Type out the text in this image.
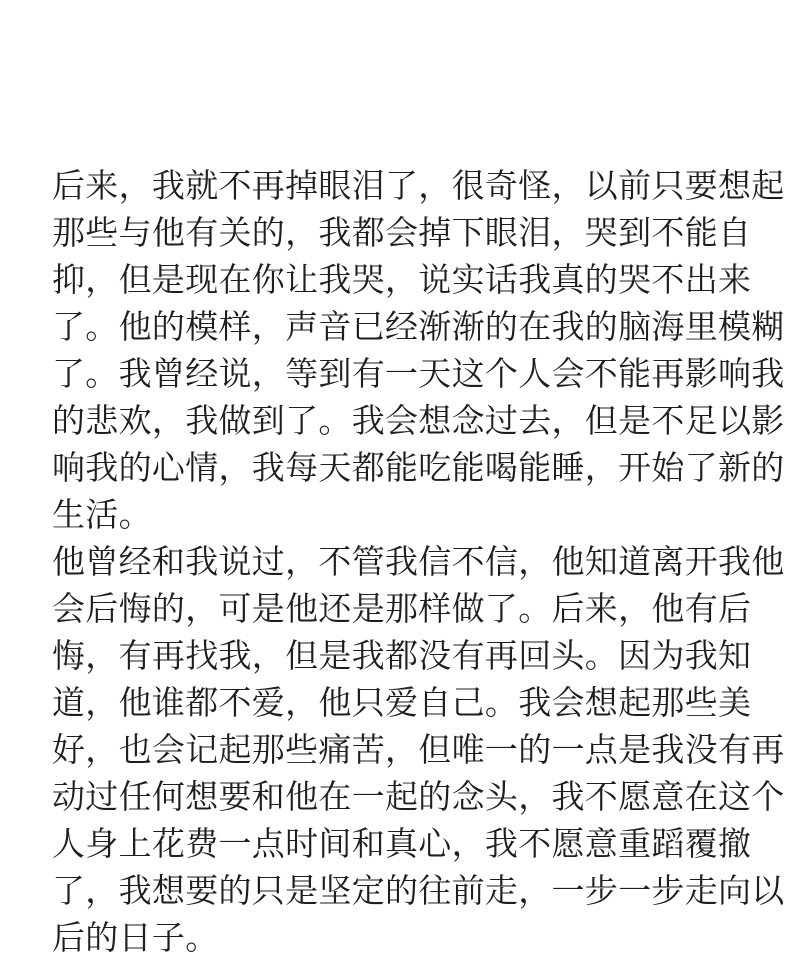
后来，我就不再掉眼泪了，很奇怪，以前只要想起
那些与他有关的，我都会掉下眼泪，哭到不能自
抑，但是现在你让我哭，说实话我真的哭不出来
了。他的模样，声音已经渐渐的在我的脑海里模糊
了。我曾经说，等到有一天这个人会不能再影响我
的悲欢，我做到了。我会想念过去，但是不足以影
响我的心情，我每天都能吃能喝能睡，开始了新的
生活。
他曾经和我说过，不管我信不信，他知道离开我他
会后悔的，可是他还是那样做了。后来，他有后
悔，有再找我，但是我都没有再回头。因为我知
道，他谁都不爱，他只爱自己。我会想起那些美
好，也会记起那些痛苦，但唯一的一点是我没有再
动过任何想要和他在一起的念头，我不愿意在这个
人身上花费一点时间和真心，我不愿意重蹈覆撤
了，我想要的只是坚定的往前走，一步一步走向以
后的日子。
